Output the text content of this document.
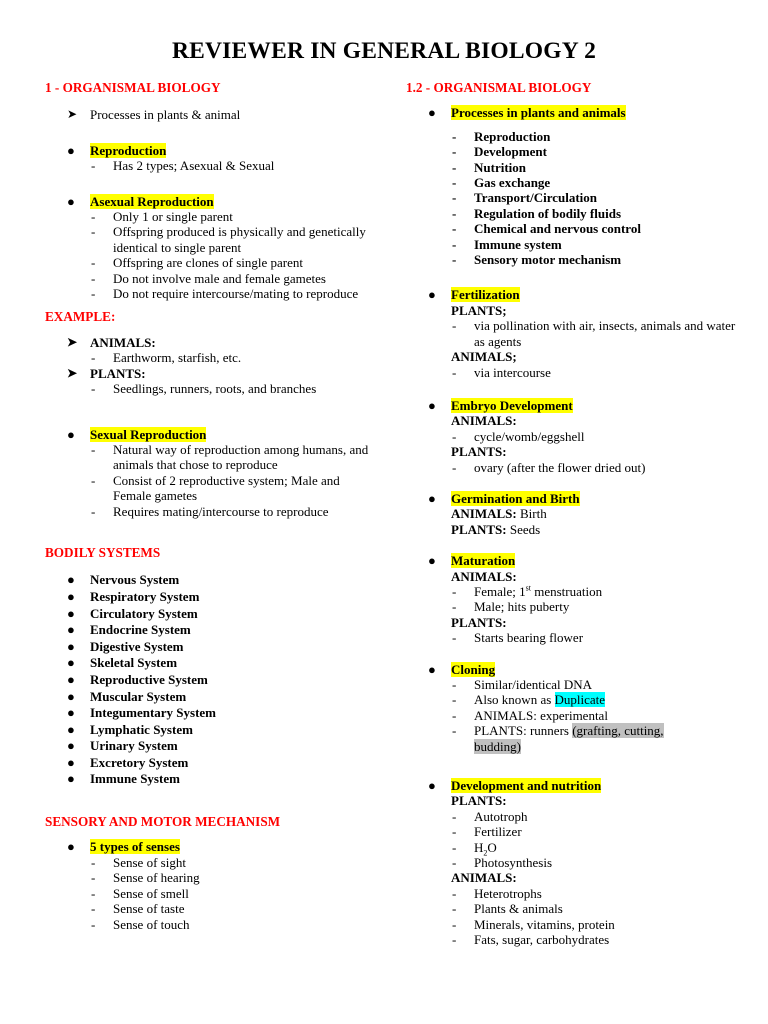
REVIEWER IN GENERAL BIOLOGY 2
1 - ORGANISMAL BIOLOGY
➤ Processes in plants & animal
● Reproduction
- Has 2 types; Asexual & Sexual
● Asexual Reproduction
- Only 1 or single parent
- Offspring produced is physically and genetically identical to single parent
- Offspring are clones of single parent
- Do not involve male and female gametes
- Do not require intercourse/mating to reproduce
EXAMPLE:
➤ ANIMALS:
- Earthworm, starfish, etc.
➤ PLANTS:
- Seedlings, runners, roots, and branches
● Sexual Reproduction
- Natural way of reproduction among humans, and animals that chose to reproduce
- Consist of 2 reproductive system; Male and Female gametes
- Requires mating/intercourse to reproduce
BODILY SYSTEMS
● Nervous System
● Respiratory System
● Circulatory System
● Endocrine System
● Digestive System
● Skeletal System
● Reproductive System
● Muscular System
● Integumentary System
● Lymphatic System
● Urinary System
● Excretory System
● Immune System
SENSORY AND MOTOR MECHANISM
● 5 types of senses
- Sense of sight
- Sense of hearing
- Sense of smell
- Sense of taste
- Sense of touch
1.2 - ORGANISMAL BIOLOGY
● Processes in plants and animals
- Reproduction
- Development
- Nutrition
- Gas exchange
- Transport/Circulation
- Regulation of bodily fluids
- Chemical and nervous control
- Immune system
- Sensory motor mechanism
● Fertilization
PLANTS;
- via pollination with air, insects, animals and water as agents
ANIMALS;
- via intercourse
● Embryo Development
ANIMALS:
- cycle/womb/eggshell
PLANTS:
- ovary (after the flower dried out)
● Germination and Birth
ANIMALS: Birth
PLANTS: Seeds
● Maturation
ANIMALS:
- Female; 1st menstruation
- Male; hits puberty
PLANTS:
- Starts bearing flower
● Cloning
- Similar/identical DNA
- Also known as Duplicate
- ANIMALS: experimental
- PLANTS: runners (grafting, cutting,
budding)
● Development and nutrition
PLANTS:
- Autotroph
- Fertilizer
- $H_2O$
- Photosynthesis
ANIMALS:
- Heterotrophs
- Plants & animals
- Minerals, vitamins, protein
- Fats, sugar, carbohydrates
